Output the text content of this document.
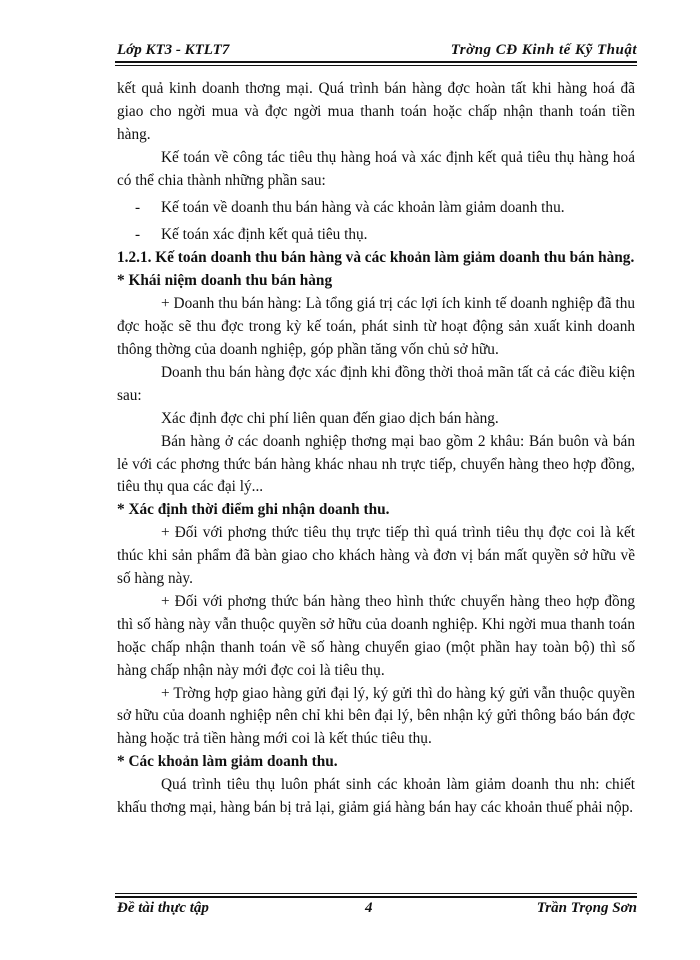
Lớp KT3 - KTLT7	Trờng CĐ Kinh tế Kỹ Thuật

kết quả kinh doanh thơng mại. Quá trình bán hàng đợc hoàn tất khi hàng hoá đã giao cho ngời mua và đợc ngời mua thanh toán hoặc chấp nhận thanh toán tiền hàng.

Kế toán về công tác tiêu thụ hàng hoá và xác định kết quả tiêu thụ hàng hoá có thể chia thành những phần sau:

- Kế toán về doanh thu bán hàng và các khoản làm giảm doanh thu.

- Kế toán xác định kết quả tiêu thụ.

1.2.1. Kế toán doanh thu bán hàng và các khoản làm giảm doanh thu bán hàng.

* Khái niệm doanh thu bán hàng

+ Doanh thu bán hàng: Là tổng giá trị các lợi ích kinh tế doanh nghiệp đã thu đợc hoặc sẽ thu đợc trong kỳ kế toán, phát sinh từ hoạt động sản xuất kinh doanh thông thờng của doanh nghiệp, góp phần tăng vốn chủ sở hữu.

Doanh thu bán hàng đợc xác định khi đồng thời thoả mãn tất cả các điều kiện sau:

Xác định đợc chi phí liên quan đến giao dịch bán hàng.

Bán hàng ở các doanh nghiệp thơng mại bao gồm 2 khâu: Bán buôn và bán lẻ với các phơng thức bán hàng khác nhau nh trực tiếp, chuyển hàng theo hợp đồng, tiêu thụ qua các đại lý...

* Xác định thời điểm ghi nhận doanh thu.

+ Đối với phơng thức tiêu thụ trực tiếp thì quá trình tiêu thụ đợc coi là kết thúc khi sản phẩm đã bàn giao cho khách hàng và đơn vị bán mất quyền sở hữu về số hàng này.

+ Đối với phơng thức bán hàng theo hình thức chuyển hàng theo hợp đồng thì số hàng này vẫn thuộc quyền sở hữu của doanh nghiệp. Khi ngời mua thanh toán hoặc chấp nhận thanh toán về số hàng chuyển giao (một phần hay toàn bộ) thì số hàng chấp nhận này mới đợc coi là tiêu thụ.

+ Trờng hợp giao hàng gửi đại lý, ký gửi thì do hàng ký gửi vẫn thuộc quyền sở hữu của doanh nghiệp nên chỉ khi bên đại lý, bên nhận ký gửi thông báo bán đợc hàng hoặc trả tiền hàng mới coi là kết thúc tiêu thụ.

* Các khoản làm giảm doanh thu.

Quá trình tiêu thụ luôn phát sinh các khoản làm giảm doanh thu nh: chiết khấu thơng mại, hàng bán bị trả lại, giảm giá hàng bán hay các khoản thuế phải nộp.

Đề tài thực tập	4	Trần Trọng Sơn
